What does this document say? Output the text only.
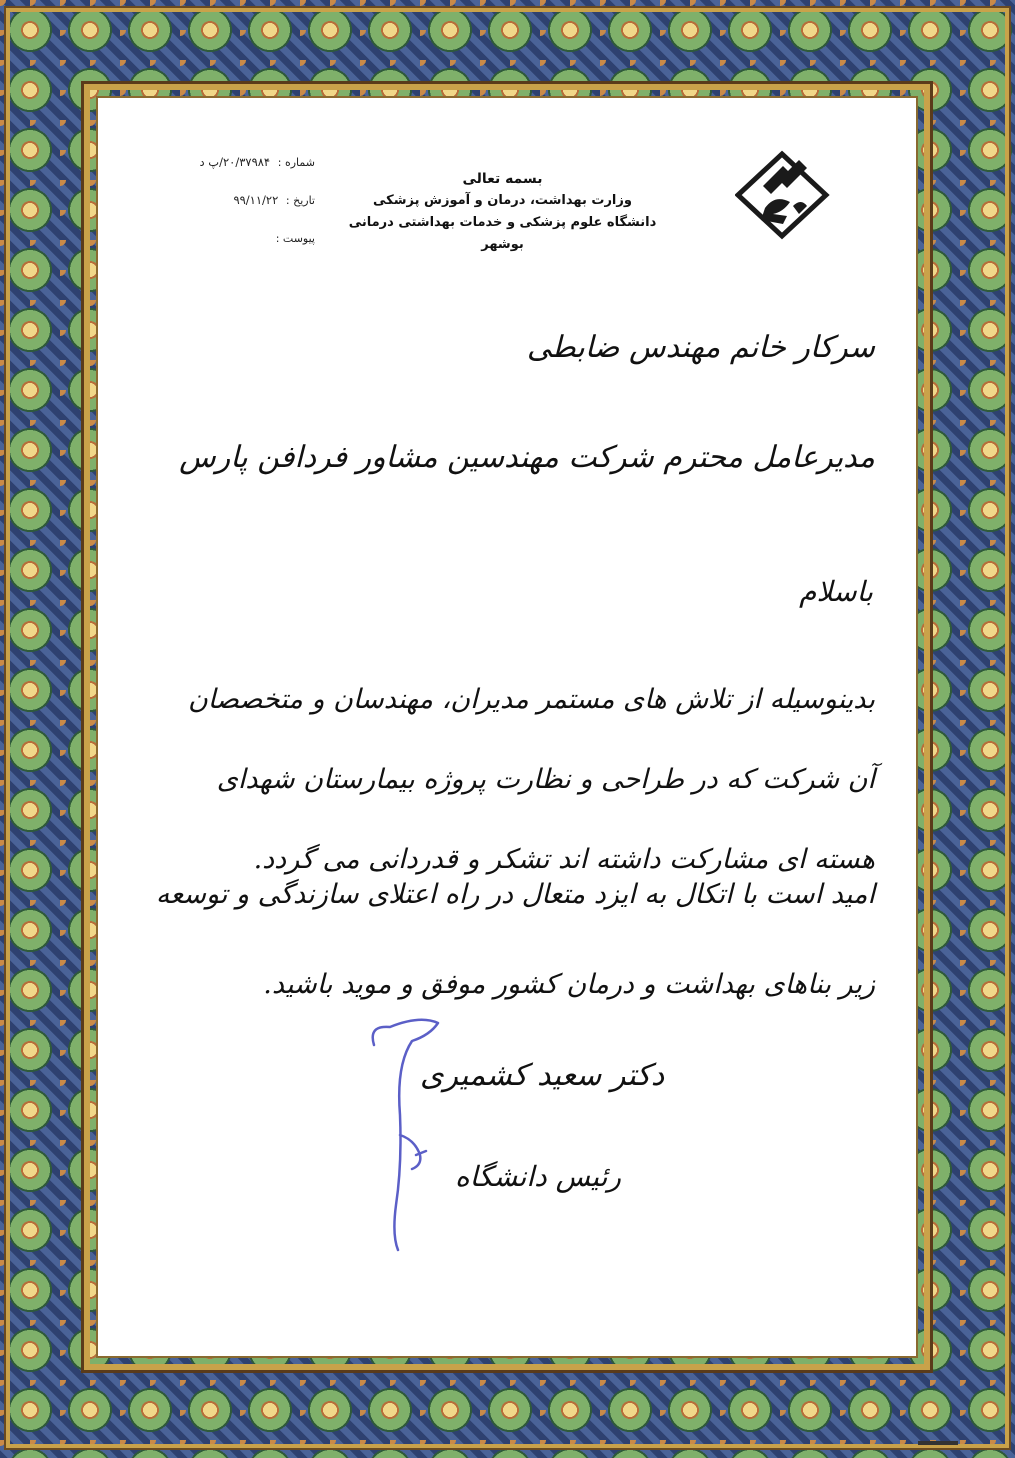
بسمه تعالی
وزارت بهداشت، درمان و آموزش پزشکی
دانشگاه علوم پزشکی و خدمات بهداشتی درمانی بوشهر
شماره : ۲۰/۳۷۹۸۴/پ د
تاریخ : ۹۹/۱۱/۲۲
پیوست :
سرکار خانم مهندس ضابطی
مدیرعامل محترم شرکت مهندسین مشاور فردافن پارس
باسلام
بدینوسیله از تلاش های مستمر مدیران، مهندسان و متخصصان آن شرکت که در طراحی و نظارت پروژه بیمارستان شهدای هسته ای مشارکت داشته اند تشکر و قدردانی می گردد.
امید است با اتکال به ایزد متعال در راه اعتلای سازندگی و توسعه زیر بناهای بهداشت و درمان کشور موفق و موید باشید.
دکتر سعید کشمیری
رئیس دانشگاه
